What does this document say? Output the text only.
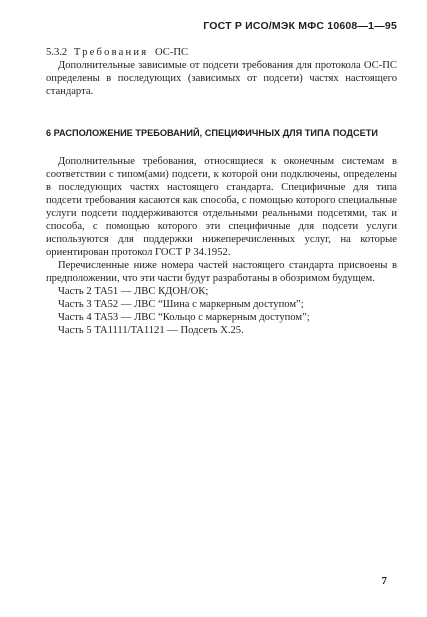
ГОСТ Р ИСО/МЭК МФС 10608—1—95

5.3.2 Требования ОС-ПС

Дополнительные зависимые от подсети требования для протокола ОС-ПС определены в последующих (зависимых от подсети) частях настоящего стандарта.

6 РАСПОЛОЖЕНИЕ ТРЕБОВАНИЙ, СПЕЦИФИЧНЫХ ДЛЯ ТИПА ПОДСЕТИ

Дополнительные требования, относящиеся к оконечным системам в соответствии с типом(ами) подсети, к которой они подключены, определены в последующих частях настоящего стандарта. Специфичные для типа подсети требования касаются как способа, с помощью которого специальные услуги подсети поддерживаются отдельными реальными подсетями, так и способа, с помощью которого эти специфичные для подсети услуги используются для поддержки нижеперечисленных услуг, на которые ориентирован протокол ГОСТ Р 34.1952.

Перечисленные ниже номера частей настоящего стандарта присвоены в предположении, что эти части будут разработаны в обозримом будущем.

Часть 2 TA51 — ЛВС КДОН/ОК;

Часть 3 TA52 — ЛВС “Шина с маркерным доступом”;

Часть 4 TA53 — ЛВС “Кольцо с маркерным доступом”;

Часть 5 TA1111/TA1121 — Подсеть X.25.

7
